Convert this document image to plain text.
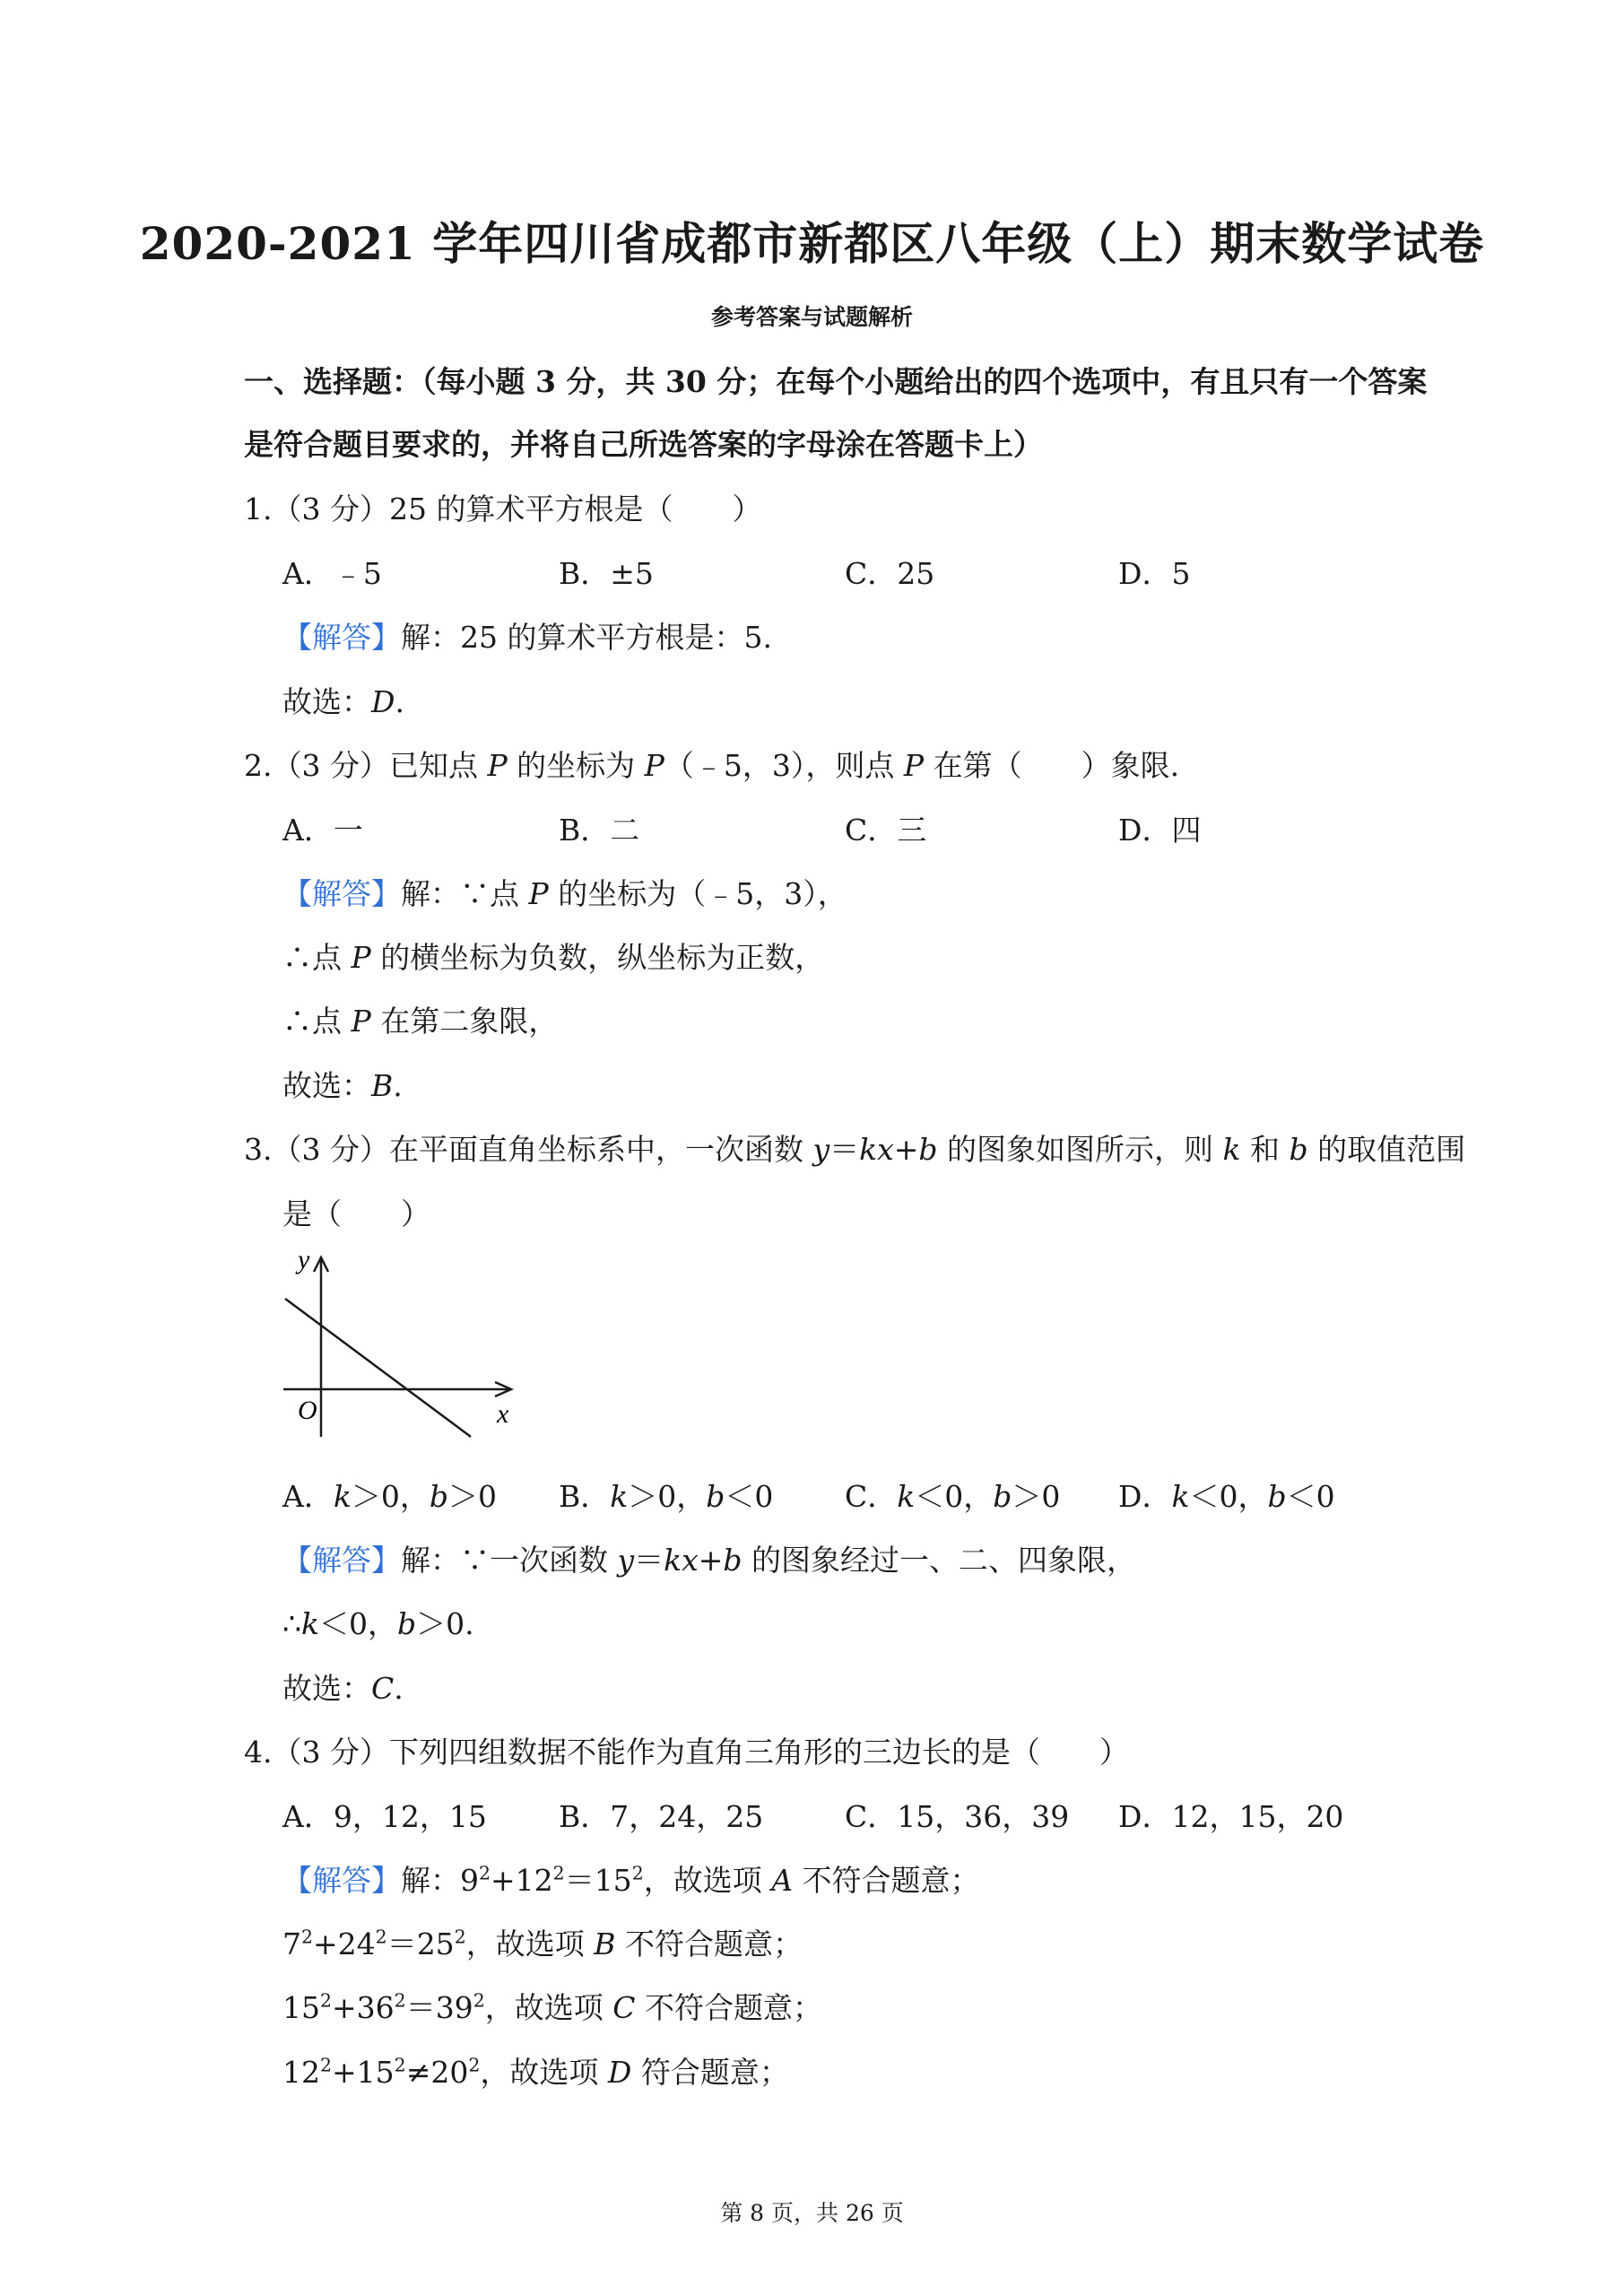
2020-2021 学年四川省成都市新都区八年级（上）期末数学试卷
参考答案与试题解析
一、选择题：（每小题 3 分，共 30 分；在每个小题给出的四个选项中，有且只有一个答案
是符合题目要求的，并将自己所选答案的字母涂在答题卡上）
1.（3 分）25 的算术平方根是（　　）
A．﹣5	B．±5	C．25	D．5
【解答】解：25 的算术平方根是：5.
故选：D.
2.（3 分）已知点 P 的坐标为 P（﹣5，3），则点 P 在第（　　）象限.
A．一	B．二	C．三	D．四
【解答】解：∵点 P 的坐标为（﹣5，3），
∴点 P 的横坐标为负数，纵坐标为正数，
∴点 P 在第二象限，
故选：B.
3.（3 分）在平面直角坐标系中，一次函数 y＝kx+b 的图象如图所示，则 k 和 b 的取值范围
是（　　）
y
x
O
A．k＞0，b＞0 B．k＞0，b＜0 C．k＜0，b＞0 D．k＜0，b＜0
【解答】解：∵一次函数 y＝kx+b 的图象经过一、二、四象限，
∴k＜0，b＞0.
故选：C.
4.（3 分）下列四组数据不能作为直角三角形的三边长的是（　　）
A．9，12，15 B．7，24，25	C．15，36，39 D．12，15，20
【解答】解：$9^2+12^2=15^2$，故选项 A 不符合题意；
$7^2+24^2=25^2$，故选项 B 不符合题意；
$15^2+36^2=39^2$，故选项 C 不符合题意；
$12^2+15^2\ne 20^2$，故选项 D 符合题意；
第 8 页，共 26 页
